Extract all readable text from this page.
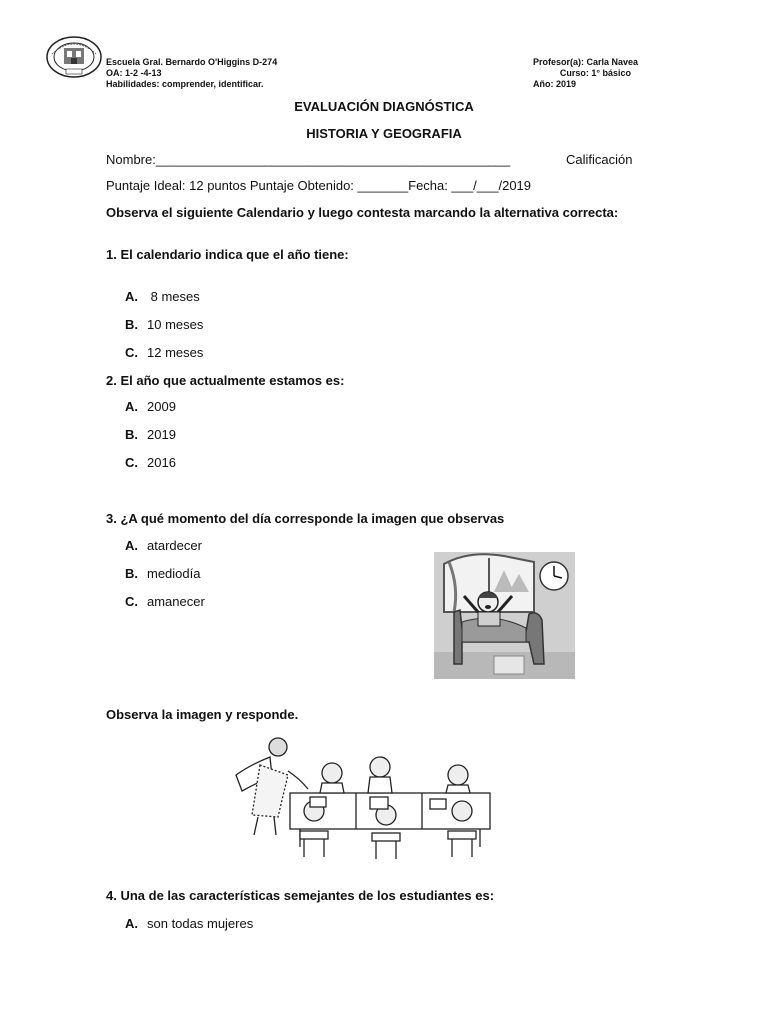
Escuela Gral. Bernardo O'Higgins D-274
OA: 1-2 -4-13
Habilidades: comprender, identificar.
Profesor(a): Carla Navea
Curso: 1° básico
Año: 2019
EVALUACIÓN DIAGNÓSTICA
HISTORIA Y GEOGRAFIA
Nombre:_________________________________________________	Calificación
Puntaje Ideal: 12 puntos Puntaje Obtenido: _______Fecha: ___/___/2019
Observa el siguiente Calendario y luego contesta marcando la alternativa correcta:
1. El calendario indica que el año tiene:
A. 8 meses
B. 10 meses
C. 12 meses
2. El año que actualmente estamos es:
A. 2009
B. 2019
C. 2016
3. ¿A qué momento del día corresponde la imagen que observas
A. atardecer
B. mediodía
C. amanecer
Observa la imagen y responde.
4. Una de las características semejantes de los estudiantes es:
A. son todas mujeres
